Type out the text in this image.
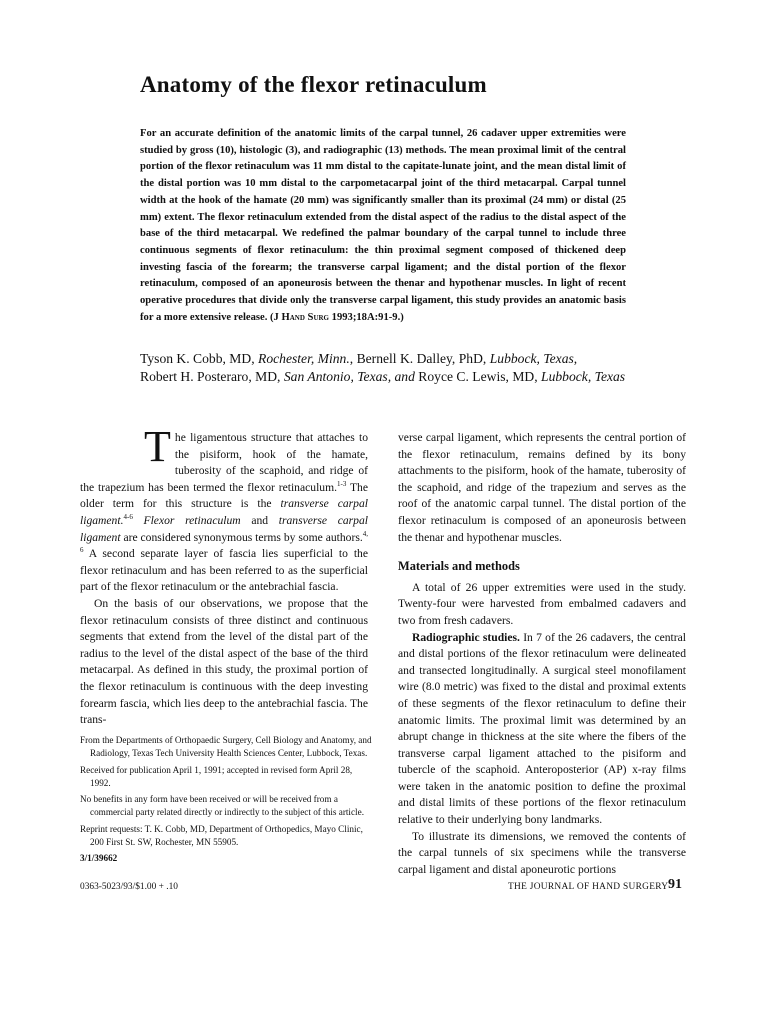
Anatomy of the flexor retinaculum

For an accurate definition of the anatomic limits of the carpal tunnel, 26 cadaver upper extremities were studied by gross (10), histologic (3), and radiographic (13) methods. The mean proximal limit of the central portion of the flexor retinaculum was 11 mm distal to the capitate-lunate joint, and the mean distal limit of the distal portion was 10 mm distal to the carpometacarpal joint of the third metacarpal. Carpal tunnel width at the hook of the hamate (20 mm) was significantly smaller than its proximal (24 mm) or distal (25 mm) extent. The flexor retinaculum extended from the distal aspect of the radius to the distal aspect of the base of the third metacarpal. We redefined the palmar boundary of the carpal tunnel to include three continuous segments of flexor retinaculum: the thin proximal segment composed of thickened deep investing fascia of the forearm; the transverse carpal ligament; and the distal portion of the flexor retinaculum, composed of an aponeurosis between the thenar and hypothenar muscles. In light of recent operative procedures that divide only the transverse carpal ligament, this study provides an anatomic basis for a more extensive release. (J Hand Surg 1993;18A:91-9.)

Tyson K. Cobb, MD, Rochester, Minn., Bernell K. Dalley, PhD, Lubbock, Texas,

Robert H. Posteraro, MD, San Antonio, Texas, and Royce C. Lewis, MD, Lubbock, Texas

The ligamentous structure that attaches to the pisiform, hook of the hamate, tuberosity of the scaphoid, and ridge of the trapezium has been termed the flexor retinaculum.$^{1-3}$ The older term for this structure is the transverse carpal ligament.$^{4-6}$ Flexor retinaculum and transverse carpal ligament are considered synonymous terms by some authors.$^{4, 6}$ A second separate layer of fascia lies superficial to the flexor retinaculum and has been referred to as the superficial part of the flexor retinaculum or the antebrachial fascia.

On the basis of our observations, we propose that the flexor retinaculum consists of three distinct and continuous segments that extend from the level of the distal part of the radius to the level of the distal aspect of the base of the third metacarpal. As defined in this study, the proximal portion of the flexor retinaculum is continuous with the deep investing forearm fascia, which lies deep to the antebrachial fascia. The trans-

verse carpal ligament, which represents the central portion of the flexor retinaculum, remains defined by its bony attachments to the pisiform, hook of the hamate, tuberosity of the scaphoid, and ridge of the trapezium and serves as the roof of the anatomic carpal tunnel. The distal portion of the flexor retinaculum is composed of an aponeurosis between the thenar and hypothenar muscles.

Materials and methods

A total of 26 upper extremities were used in the study. Twenty-four were harvested from embalmed cadavers and two from fresh cadavers.

Radiographic studies. In 7 of the 26 cadavers, the central and distal portions of the flexor retinaculum were delineated and transected longitudinally. A surgical steel monofilament wire (8.0 metric) was fixed to the distal and proximal extents of these segments of the flexor retinaculum to define their anatomic limits. The proximal limit was determined by an abrupt change in thickness at the site where the fibers of the transverse carpal ligament attached to the pisiform and tubercle of the scaphoid. Anteroposterior (AP) x-ray films were taken in the anatomic position to define the proximal and distal limits of these portions of the flexor retinaculum relative to their underlying bony landmarks.

To illustrate its dimensions, we removed the contents of the carpal tunnels of six specimens while the transverse carpal ligament and distal aponeurotic portions

From the Departments of Orthopaedic Surgery, Cell Biology and Anatomy, and Radiology, Texas Tech University Health Sciences Center, Lubbock, Texas.

Received for publication April 1, 1991; accepted in revised form April 28, 1992.

No benefits in any form have been received or will be received from a commercial party related directly or indirectly to the subject of this article.

Reprint requests: T. K. Cobb, MD, Department of Orthopedics, Mayo Clinic, 200 First St. SW, Rochester, MN 55905.

3/1/39662

0363-5023/93/$1.00 + .10	THE JOURNAL OF HAND SURGERY 91
